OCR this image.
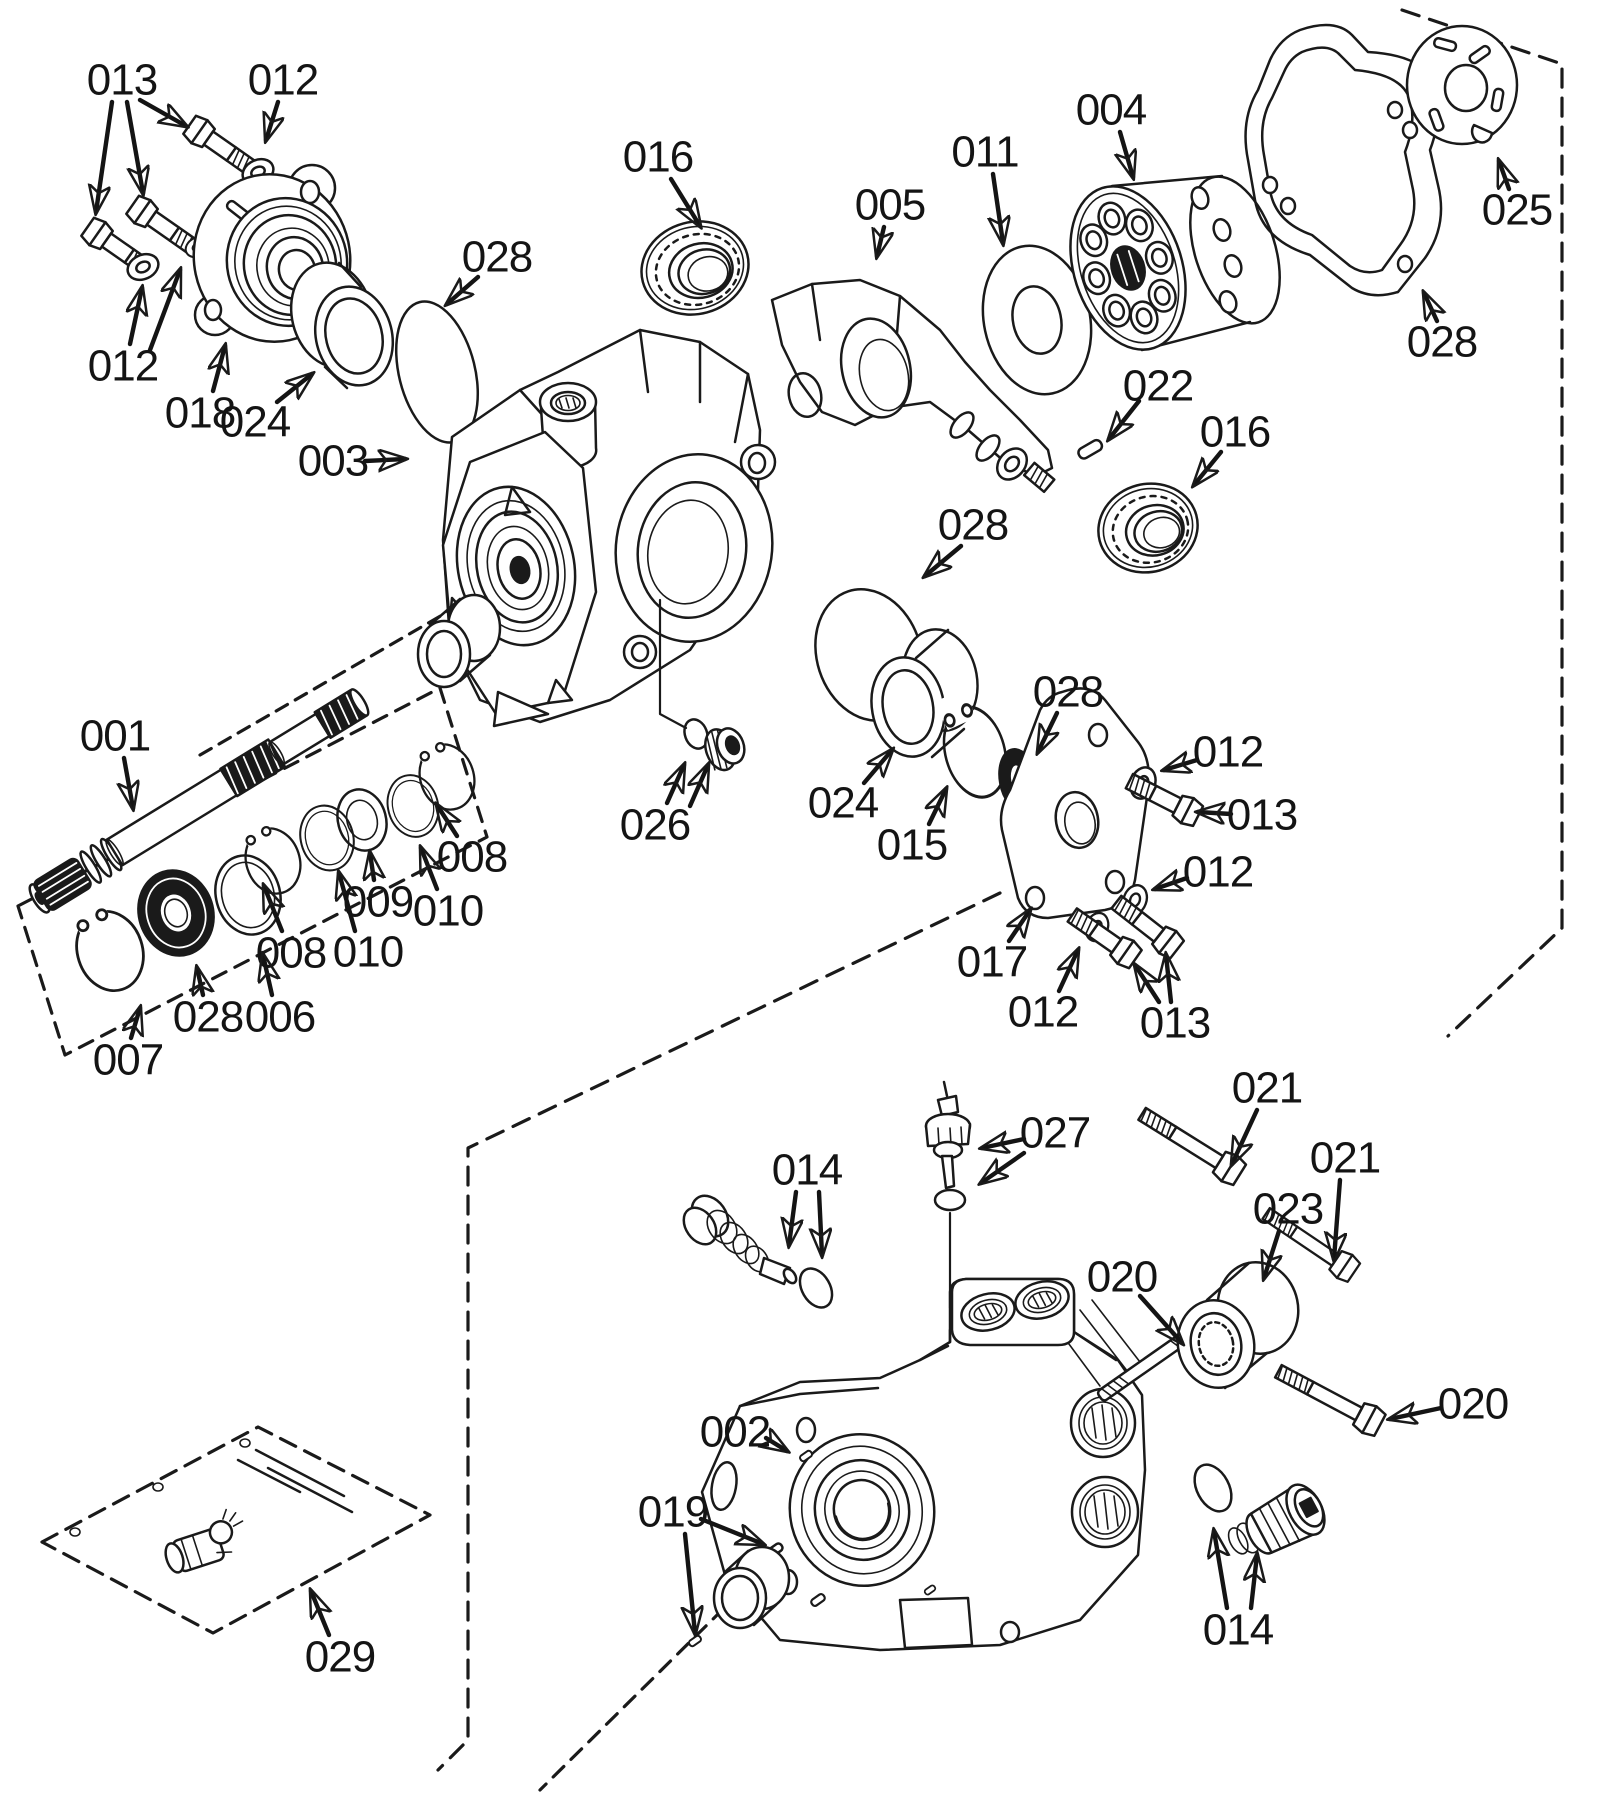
013 012
012
018
024
003
028
016
005
011
004
022
016
028
025
028
026	024
015
028
017
012
013
012
012 013
001
008 010
009 010
008
028 006
007
002
019
027
020
021
023
021
020
014
014
029
